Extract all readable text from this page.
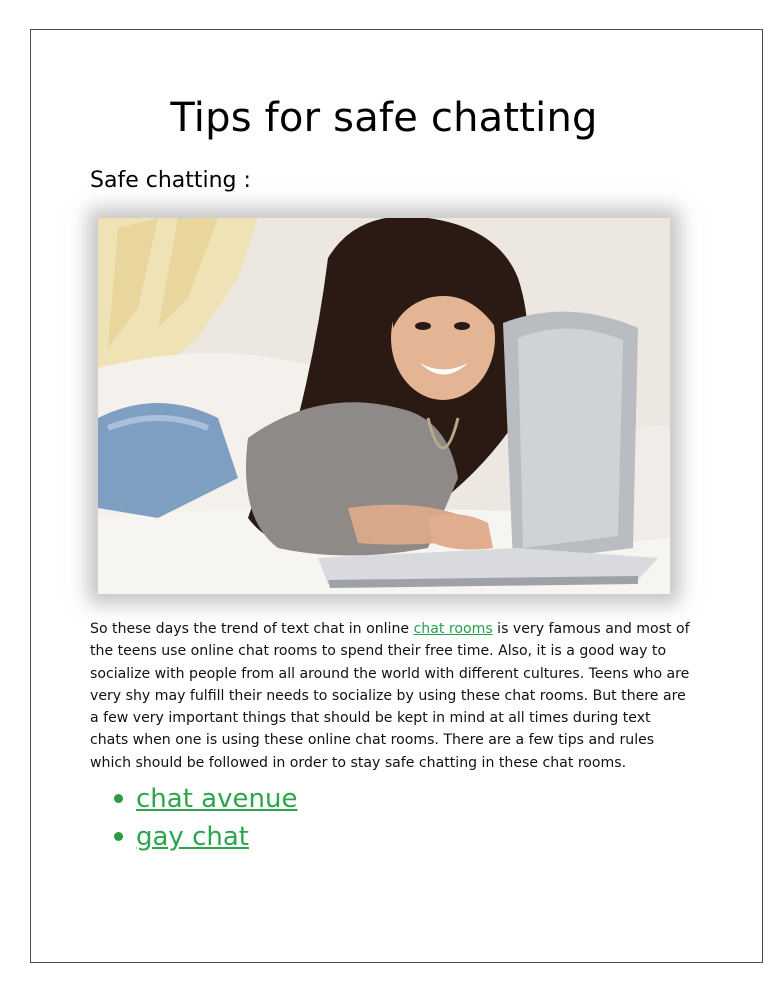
Tips for safe chatting
Safe chatting :
So these days the trend of text chat in online chat rooms is very famous and most of the teens use online chat rooms to spend their free time. Also, it is a good way to socialize with people from all around the world with different cultures. Teens who are very shy may fulfill their needs to socialize by using these chat rooms. But there are a few very important things that should be kept in mind at all times during text chats when one is using these online chat rooms. There are a few tips and rules which should be followed in order to stay safe chatting in these chat rooms.
chat avenue
gay chat
